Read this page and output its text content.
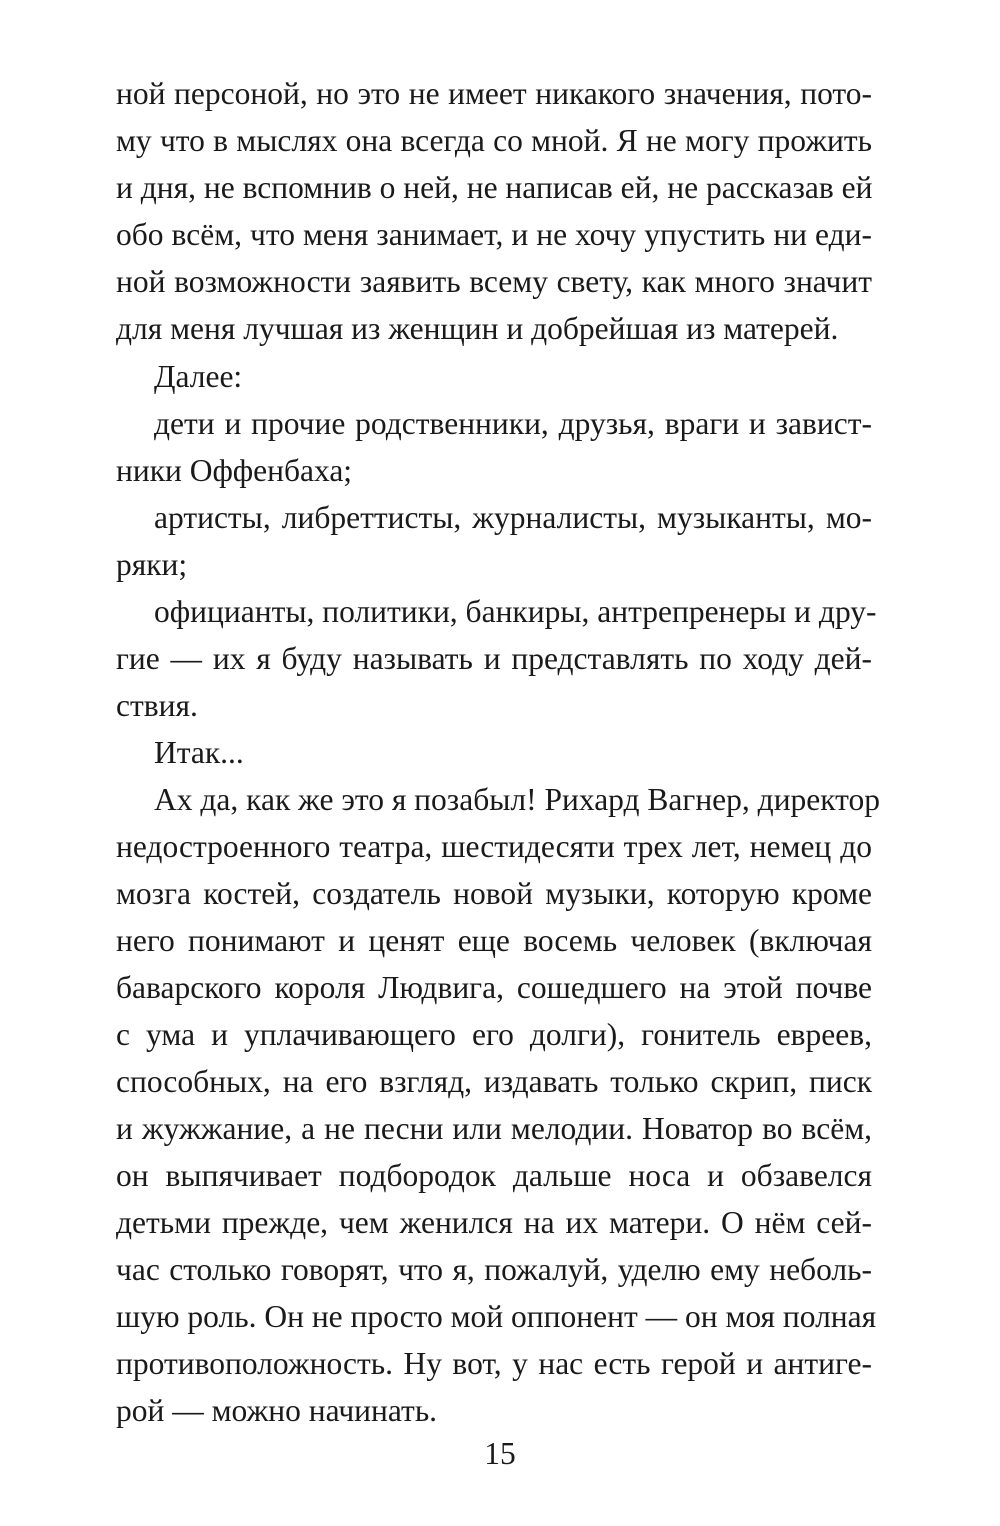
ной персоной, но это не имеет никакого значения, пото-
му что в мыслях она всегда со мной. Я не могу прожить
и дня, не вспомнив о ней, не написав ей, не рассказав ей
обо всём, что меня занимает, и не хочу упустить ни еди-
ной возможности заявить всему свету, как много значит
для меня лучшая из женщин и добрейшая из матерей.
Далее:
дети и прочие родственники, друзья, враги и завист-
ники Оффенбаха;
артисты, либреттисты, журналисты, музыканты, мо-
ряки;
официанты, политики, банкиры, антрепренеры и дру-
гие — их я буду называть и представлять по ходу дей-
ствия.
Итак...
Ах да, как же это я позабыл! Рихард Вагнер, директор
недостроенного театра, шестидесяти трех лет, немец до
мозга костей, создатель новой музыки, которую кроме
него понимают и ценят еще восемь человек (включая
баварского короля Людвига, сошедшего на этой почве
с ума и уплачивающего его долги), гонитель евреев,
способных, на его взгляд, издавать только скрип, писк
и жужжание, а не песни или мелодии. Новатор во всём,
он выпячивает подбородок дальше носа и обзавелся
детьми прежде, чем женился на их матери. О нём сей-
час столько говорят, что я, пожалуй, уделю ему неболь-
шую роль. Он не просто мой оппонент — он моя полная
противоположность. Ну вот, у нас есть герой и антиге-
рой — можно начинать.
15
